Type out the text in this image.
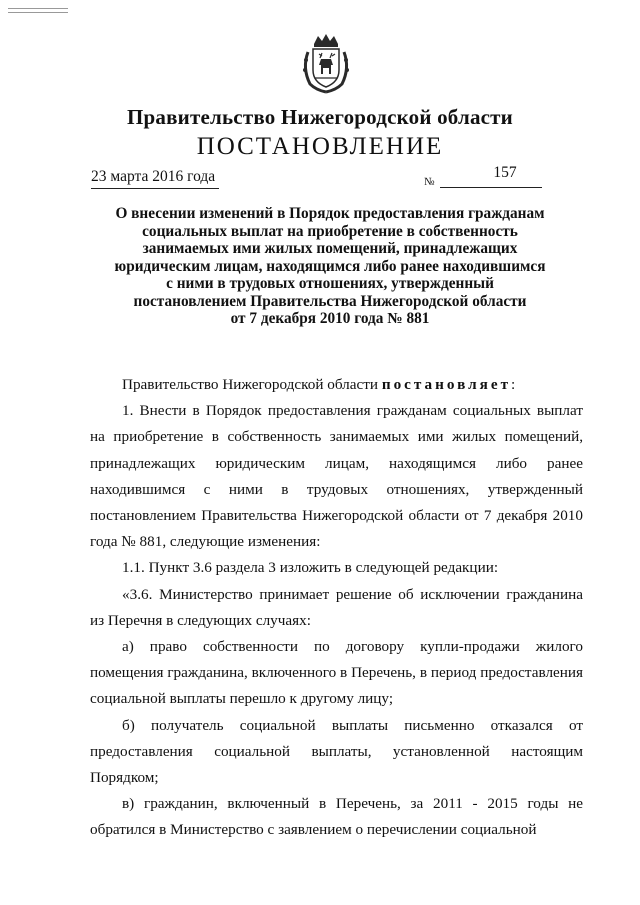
Правительство Нижегородской области
ПОСТАНОВЛЕНИЕ
23 марта 2016 года	№
157
О внесении изменений в Порядок предоставления гражданам
социальных выплат на приобретение в собственность
занимаемых ими жилых помещений, принадлежащих
юридическим лицам, находящимся либо ранее находившимся
с ними в трудовых отношениях, утвержденный
постановлением Правительства Нижегородской области
от 7 декабря 2010 года № 881

Правительство Нижегородской области постановляет:

1. Внести в Порядок предоставления гражданам социальных выплат на приобретение в собственность занимаемых ими жилых помещений, принадлежащих юридическим лицам, находящимся либо ранее находившимся с ними в трудовых отношениях, утвержденный постановлением Правительства Нижегородской области от 7 декабря 2010 года № 881, следующие изменения:

1.1. Пункт 3.6 раздела 3 изложить в следующей редакции:

«3.6. Министерство принимает решение об исключении гражданина из Перечня в следующих случаях:

а) право собственности по договору купли-продажи жилого помещения гражданина, включенного в Перечень, в период предоставления социальной выплаты перешло к другому лицу;

б) получатель социальной выплаты письменно отказался от предоставления социальной выплаты, установленной настоящим Порядком;

в) гражданин, включенный в Перечень, за 2011 - 2015 годы не обратился в Министерство с заявлением о перечислении социальной
